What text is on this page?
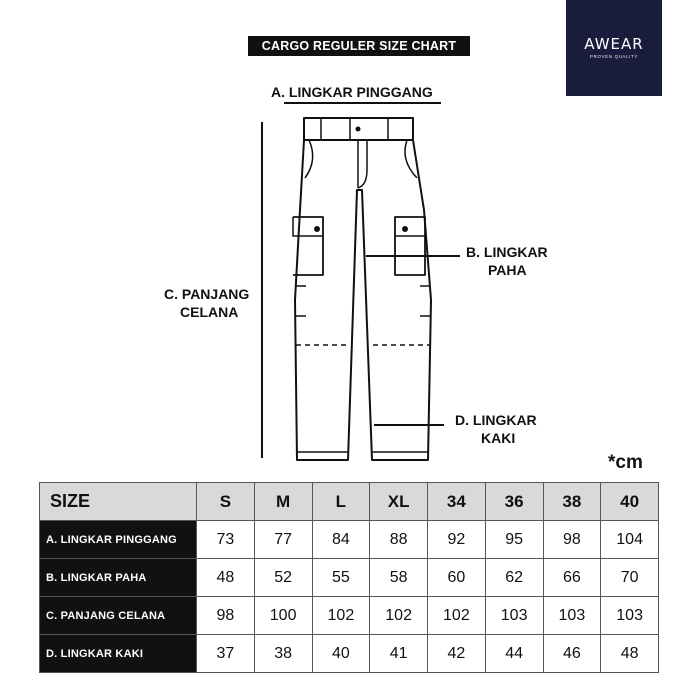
CARGO REGULER SIZE CHART	AWEAR
PROVEN QUALITY
A. LINGKAR PINGGANG
B. LINGKAR
PAHA
C. PANJANG
CELANA
D. LINGKAR
KAKI
*cm
SIZE	S	M	L	XL	34	36	38	40
A. LINGKAR PINGGANG	73	77	84	88	92	95	98	104
B. LINGKAR PAHA	48	52	55	58	60	62	66	70
C. PANJANG CELANA	98	100	102	102	102	103	103	103
D. LINGKAR KAKI	37	38	40	41	42	44	46	48
